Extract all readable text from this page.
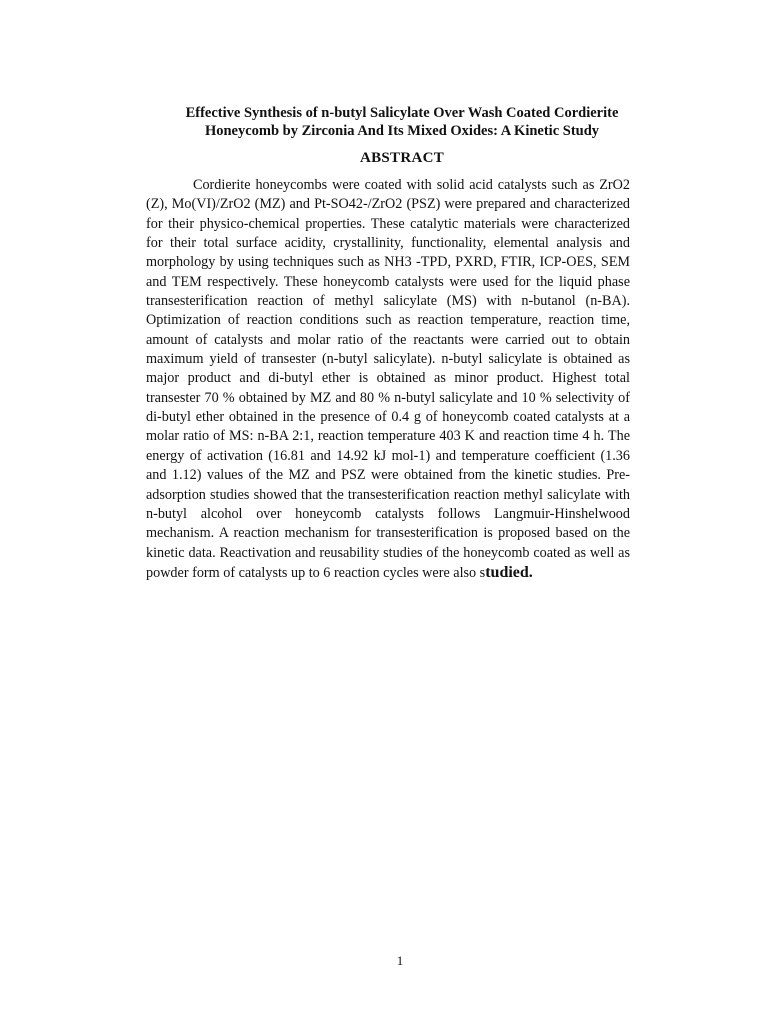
Effective Synthesis of n-butyl Salicylate Over Wash Coated Cordierite
Honeycomb by Zirconia And Its Mixed Oxides: A Kinetic Study
ABSTRACT

Cordierite honeycombs were coated with solid acid catalysts such as ZrO2 (Z), Mo(VI)/ZrO2 (MZ) and Pt-SO42-/ZrO2 (PSZ) were prepared and characterized for their physico-chemical properties. These catalytic materials were characterized for their total surface acidity, crystallinity, functionality, elemental analysis and morphology by using techniques such as NH3 -TPD, PXRD, FTIR, ICP-OES, SEM and TEM respectively. These honeycomb catalysts were used for the liquid phase transesterification reaction of methyl salicylate (MS) with n-butanol (n-BA). Optimization of reaction conditions such as reaction temperature, reaction time, amount of catalysts and molar ratio of the reactants were carried out to obtain maximum yield of transester (n-butyl salicylate). n-butyl salicylate is obtained as major product and di-butyl ether is obtained as minor product. Highest total transester 70 % obtained by MZ and 80 % n-butyl salicylate and 10 % selectivity of di-butyl ether obtained in the presence of 0.4 g of honeycomb coated catalysts at a molar ratio of MS: n-BA 2:1, reaction temperature 403 K and reaction time 4 h. The energy of activation (16.81 and 14.92 kJ mol-1) and temperature coefficient (1.36 and 1.12) values of the MZ and PSZ were obtained from the kinetic studies. Pre-adsorption studies showed that the transesterification reaction methyl salicylate with n-butyl alcohol over honeycomb catalysts follows Langmuir-Hinshelwood mechanism. A reaction mechanism for transesterification is proposed based on the kinetic data. Reactivation and reusability studies of the honeycomb coated as well as powder form of catalysts up to 6 reaction cycles were also studied.

1
